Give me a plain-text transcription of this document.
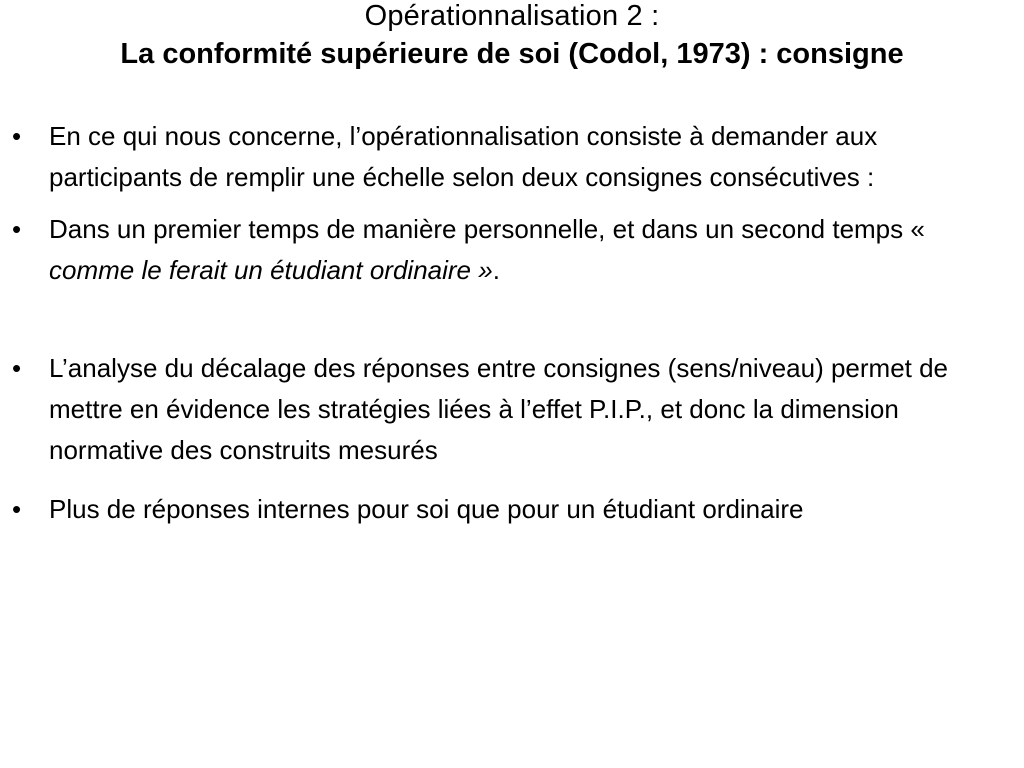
Opérationnalisation 2 :
La conformité supérieure de soi (Codol, 1973) : consigne
• En ce qui nous concerne, l’opérationnalisation consiste à demander aux participants de remplir une échelle selon deux consignes consécutives :
• Dans un premier temps de manière personnelle, et dans un second temps « comme le ferait un étudiant ordinaire ».
• L’analyse du décalage des réponses entre consignes (sens/niveau) permet de mettre en évidence les stratégies liées à l’effet P.I.P., et donc la dimension normative des construits mesurés
• Plus de réponses internes pour soi que pour un étudiant ordinaire
